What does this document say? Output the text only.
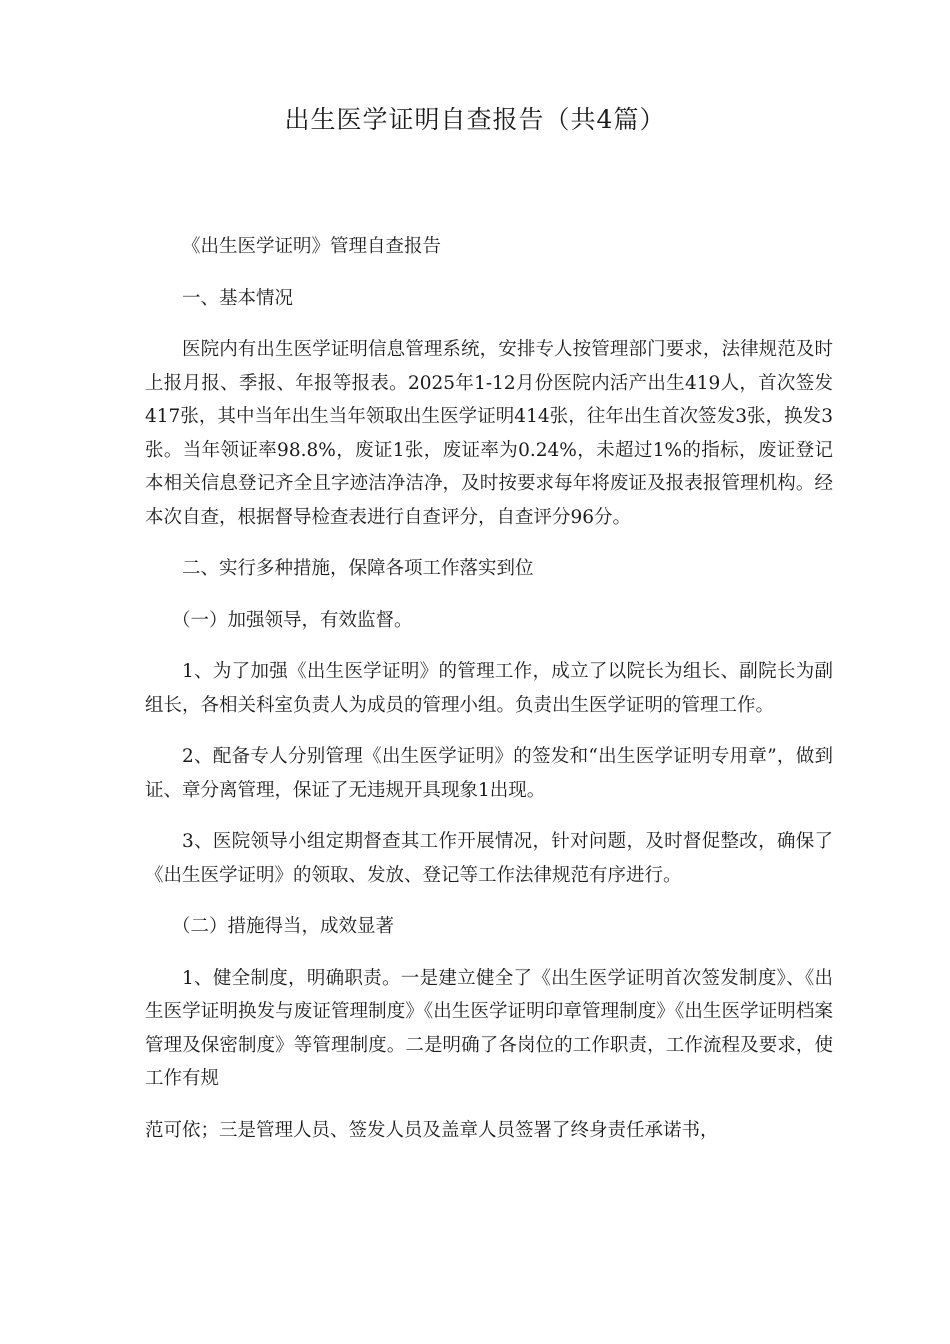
出生医学证明自查报告（共4篇）

《出生医学证明》管理自查报告

一、基本情况

医院内有出生医学证明信息管理系统，安排专人按管理部门要求，法律规范及时上报月报、季报、年报等报表。2025年1-12月份医院内活产出生419人，首次签发417张，其中当年出生当年领取出生医学证明414张，往年出生首次签发3张，换发3张。当年领证率98.8%，废证1张，废证率为0.24%，未超过1%的指标，废证登记本相关信息登记齐全且字迹洁净洁净，及时按要求每年将废证及报表报管理机构。经本次自查，根据督导检查表进行自查评分，自查评分96分。

二、实行多种措施，保障各项工作落实到位

（一）加强领导，有效监督。

1、为了加强《出生医学证明》的管理工作，成立了以院长为组长、副院长为副组长，各相关科室负责人为成员的管理小组。负责出生医学证明的管理工作。

2、配备专人分别管理《出生医学证明》的签发和“出生医学证明专用章”，做到证、章分离管理，保证了无违规开具现象1出现。

3、医院领导小组定期督查其工作开展情况，针对问题，及时督促整改，确保了《出生医学证明》的领取、发放、登记等工作法律规范有序进行。

（二）措施得当，成效显著

1、健全制度，明确职责。一是建立健全了《出生医学证明首次签发制度》、《出生医学证明换发与废证管理制度》《出生医学证明印章管理制度》《出生医学证明档案管理及保密制度》等管理制度。二是明确了各岗位的工作职责，工作流程及要求，使工作有规

范可依；三是管理人员、签发人员及盖章人员签署了终身责任承诺书，
